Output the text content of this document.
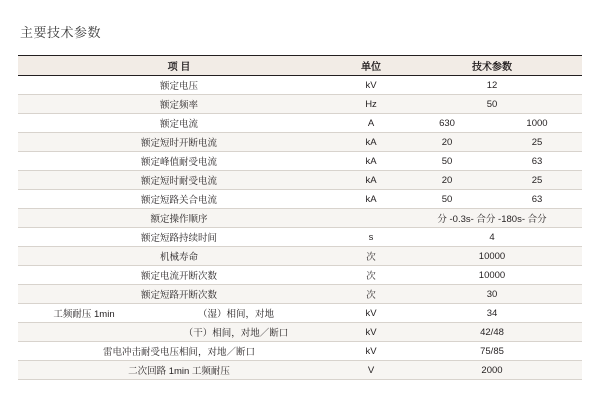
主要技术参数
项 目	单位	技术参数	
额定电压	kV	12	
额定频率	Hz	50	
额定电流	A	630	1000
额定短时开断电流	kA	20	25
额定峰值耐受电流	kA	50	63
额定短时耐受电流	kA	20	25
额定短路关合电流	kA	50	63
额定操作顺序		分 -0.3s- 合分 -180s- 合分	
额定短路持续时间	s	4	
机械寿命	次	10000	
额定电流开断次数	次	10000	
额定短路开断次数	次	30	

工频耐压 1min （湿）相间，对地	kV	34	

（干）相间，对地／断口	kV	42/48	
雷电冲击耐受电压相间，对地／断口	kV	75/85	
二次回路 1min 工频耐压	V	2000	
